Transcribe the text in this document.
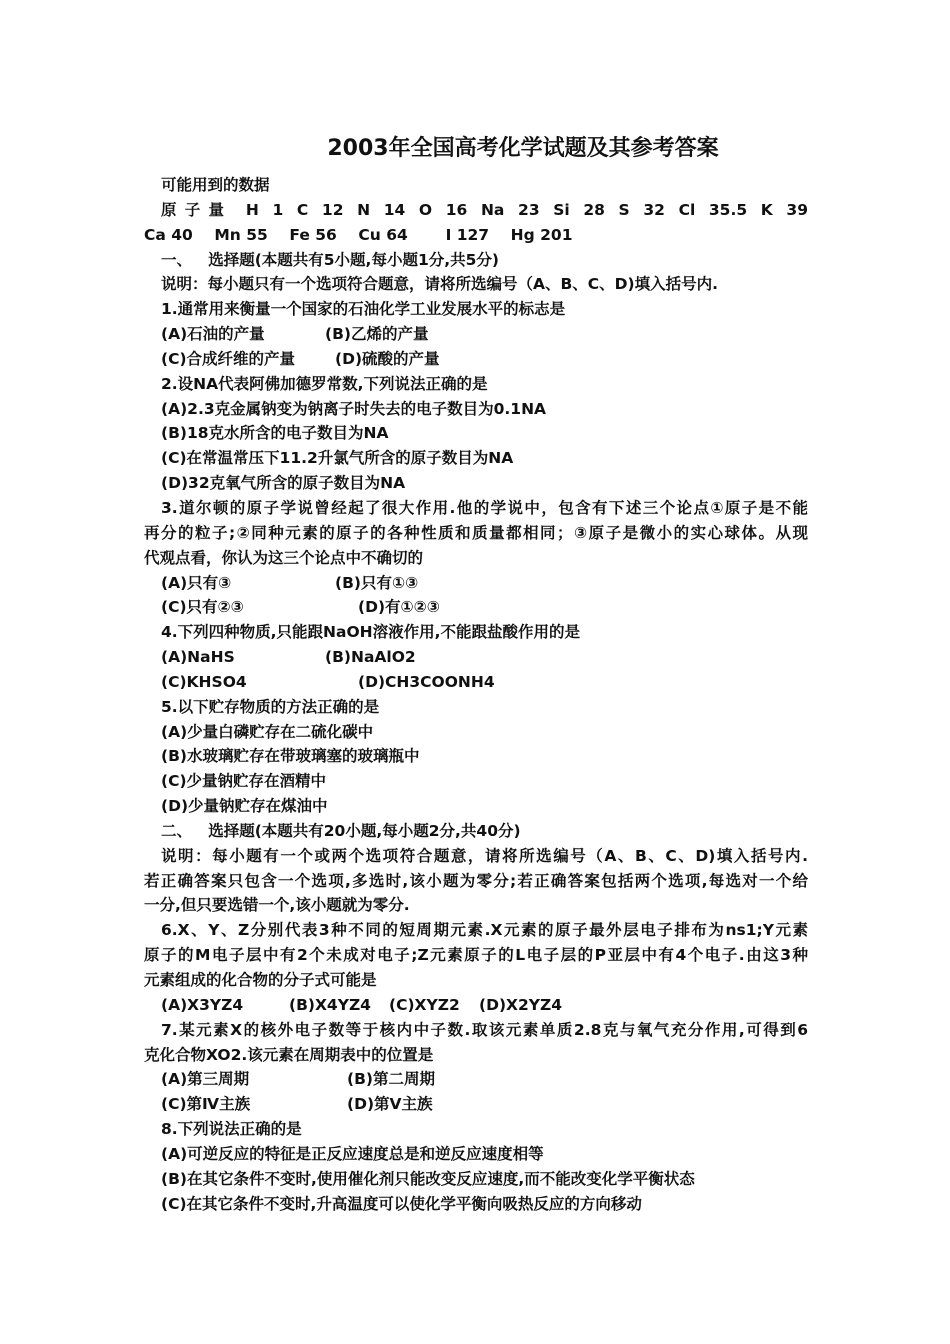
2003年全国高考化学试题及其参考答案
可能用到的数据
原子量 H 1 C 12 N 14 O 16 Na 23 Si 28 S 32 Cl 35.5 K 39
Ca 40    Mn 55    Fe 56    Cu 64       I 127    Hg 201
一、   选择题(本题共有5小题,每小题1分,共5分)
说明：每小题只有一个选项符合题意，请将所选编号（A、B、C、D)填入括号内.
1.通常用来衡量一个国家的石油化学工业发展水平的标志是
(A)石油的产量	(B)乙烯的产量
(C)合成纤维的产量	(D)硫酸的产量
2.设NA代表阿佛加德罗常数,下列说法正确的是
(A)2.3克金属钠变为钠离子时失去的电子数目为0.1NA
(B)18克水所含的电子数目为NA
(C)在常温常压下11.2升氯气所含的原子数目为NA
(D)32克氧气所含的原子数目为NA
3.道尔顿的原子学说曾经起了很大作用.他的学说中，包含有下述三个论点①原子是不能
再分的粒子;②同种元素的原子的各种性质和质量都相同；③原子是微小的实心球体。从现
代观点看，你认为这三个论点中不确切的
(A)只有③	(B)只有①③
(C)只有②③	(D)有①②③
4.下列四种物质,只能跟NaOH溶液作用,不能跟盐酸作用的是
(A)NaHS	(B)NaAlO2
(C)KHSO4	(D)CH3COONH4
5.以下贮存物质的方法正确的是
(A)少量白磷贮存在二硫化碳中
(B)水玻璃贮存在带玻璃塞的玻璃瓶中
(C)少量钠贮存在酒精中
(D)少量钠贮存在煤油中
二、   选择题(本题共有20小题,每小题2分,共40分)
说明：每小题有一个或两个选项符合题意，请将所选编号（A、B、C、D)填入括号内.
若正确答案只包含一个选项,多选时,该小题为零分;若正确答案包括两个选项,每选对一个给
一分,但只要选错一个,该小题就为零分.
6.X、Y、Z分别代表3种不同的短周期元素.X元素的原子最外层电子排布为ns1;Y元素
原子的M电子层中有2个未成对电子;Z元素原子的L电子层的P亚层中有4个电子.由这3种
元素组成的化合物的分子式可能是
(A)X3YZ4	(B)X4YZ4 (C)XYZ2 (D)X2YZ4
7.某元素X的核外电子数等于核内中子数.取该元素单质2.8克与氧气充分作用,可得到6
克化合物XO2.该元素在周期表中的位置是
(A)第三周期	(B)第二周期
(C)第Ⅳ主族	(D)第Ⅴ主族
8.下列说法正确的是
(A)可逆反应的特征是正反应速度总是和逆反应速度相等
(B)在其它条件不变时,使用催化剂只能改变反应速度,而不能改变化学平衡状态
(C)在其它条件不变时,升高温度可以使化学平衡向吸热反应的方向移动
